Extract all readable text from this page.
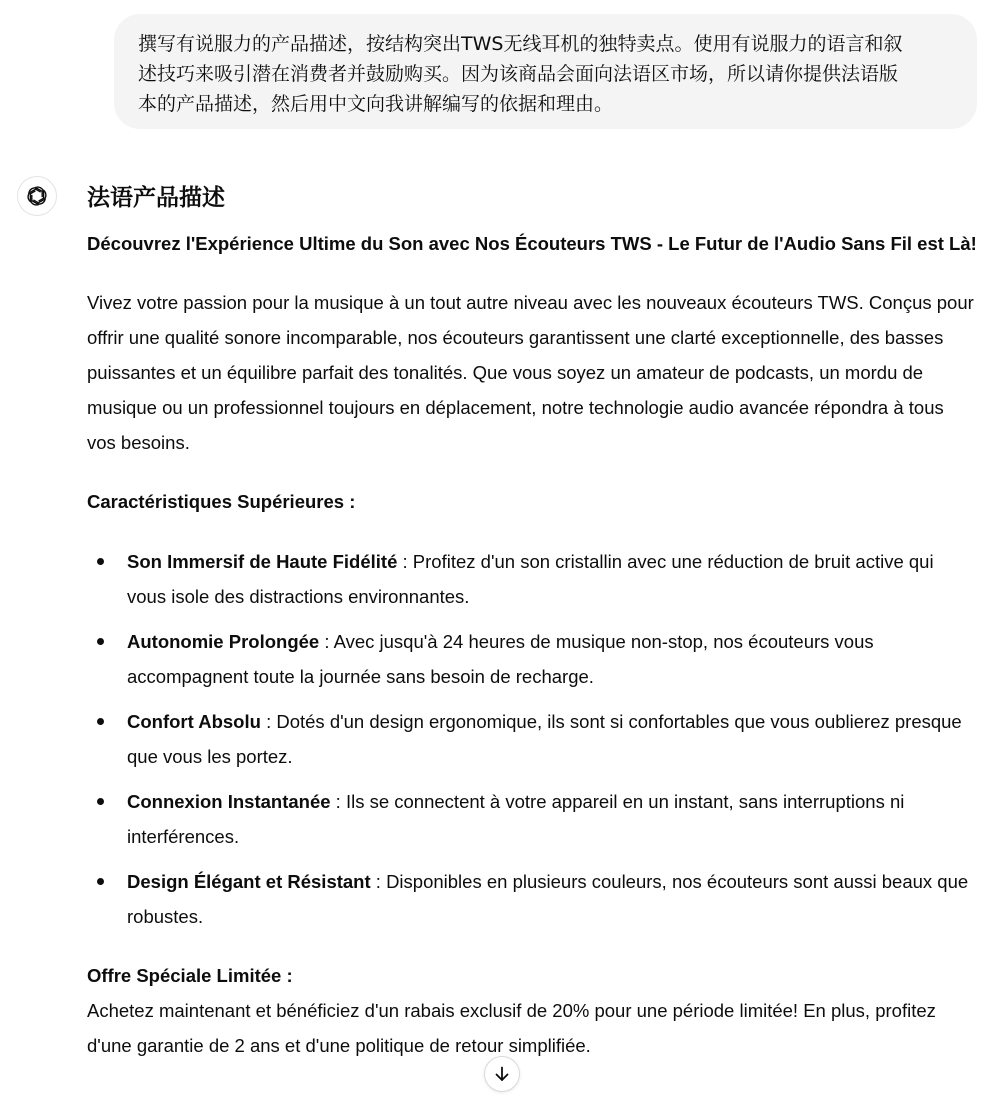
撰写有说服力的产品描述，按结构突出TWS无线耳机的独特卖点。使用有说服力的语言和叙
述技巧来吸引潜在消费者并鼓励购买。因为该商品会面向法语区市场，所以请你提供法语版
本的产品描述，然后用中文向我讲解编写的依据和理由。
法语产品描述
Découvrez l'Expérience Ultime du Son avec Nos Écouteurs TWS - Le Futur de l'Audio Sans Fil est Là!

Vivez votre passion pour la musique à un tout autre niveau avec les nouveaux écouteurs TWS. Conçus pour offrir une qualité sonore incomparable, nos écouteurs garantissent une clarté exceptionnelle, des basses puissantes et un équilibre parfait des tonalités. Que vous soyez un amateur de podcasts, un mordu de musique ou un professionnel toujours en déplacement, notre technologie audio avancée répondra à tous vos besoins.

Caractéristiques Supérieures :
Son Immersif de Haute Fidélité : Profitez d'un son cristallin avec une réduction de bruit active qui vous isole des distractions environnantes.
Autonomie Prolongée : Avec jusqu'à 24 heures de musique non-stop, nos écouteurs vous accompagnent toute la journée sans besoin de recharge.
Confort Absolu : Dotés d'un design ergonomique, ils sont si confortables que vous oublierez presque que vous les portez.
Connexion Instantanée : Ils se connectent à votre appareil en un instant, sans interruptions ni interférences.
Design Élégant et Résistant : Disponibles en plusieurs couleurs, nos écouteurs sont aussi beaux que robustes.
Offre Spéciale Limitée :
Achetez maintenant et bénéficiez d'un rabais exclusif de 20% pour une période limitée! En plus, profitez d'une garantie de 2 ans et d'une politique de retour simplifiée.
